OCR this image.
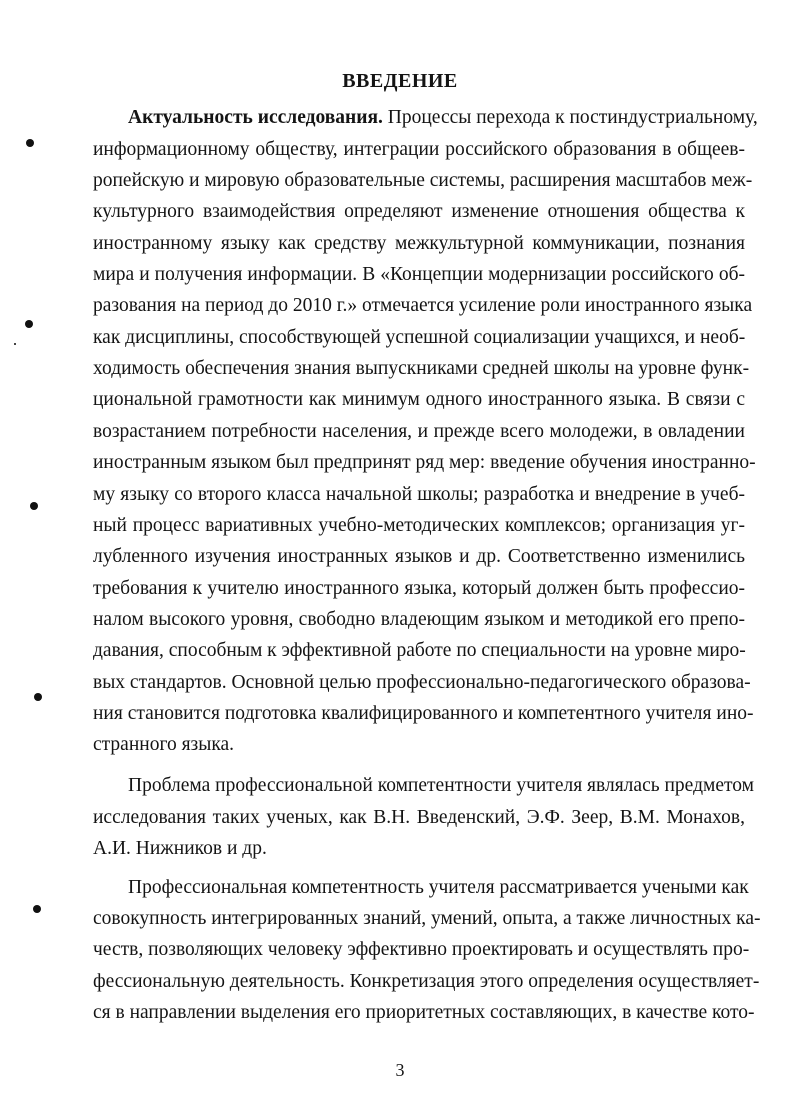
ВВЕДЕНИЕ
Актуальность исследования. Процессы перехода к постиндустриальному,
информационному обществу, интеграции российского образования в общеев-
ропейскую и мировую образовательные системы, расширения масштабов меж-
культурного взаимодействия определяют изменение отношения общества к
иностранному языку как средству межкультурной коммуникации, познания
мира и получения информации. В «Концепции модернизации российского об-
разования на период до 2010 г.» отмечается усиление роли иностранного языка
как дисциплины, способствующей успешной социализации учащихся, и необ-
ходимость обеспечения знания выпускниками средней школы на уровне функ-
циональной грамотности как минимум одного иностранного языка. В связи с
возрастанием потребности населения, и прежде всего молодежи, в овладении
иностранным языком был предпринят ряд мер: введение обучения иностранно-
му языку со второго класса начальной школы; разработка и внедрение в учеб-
ный процесс вариативных учебно-методических комплексов; организация уг-
лубленного изучения иностранных языков и др. Соответственно изменились
требования к учителю иностранного языка, который должен быть профессио-
налом высокого уровня, свободно владеющим языком и методикой его препо-
давания, способным к эффективной работе по специальности на уровне миро-
вых стандартов. Основной целью профессионально-педагогического образова-
ния становится подготовка квалифицированного и компетентного учителя ино-
странного языка.
Проблема профессиональной компетентности учителя являлась предметом
исследования таких ученых, как В.Н. Введенский, Э.Ф. Зеер, В.М. Монахов,
А.И. Нижников и др.
Профессиональная компетентность учителя рассматривается учеными как
совокупность интегрированных знаний, умений, опыта, а также личностных ка-
честв, позволяющих человеку эффективно проектировать и осуществлять про-
фессиональную деятельность. Конкретизация этого определения осуществляет-
ся в направлении выделения его приоритетных составляющих, в качестве кото-
3
